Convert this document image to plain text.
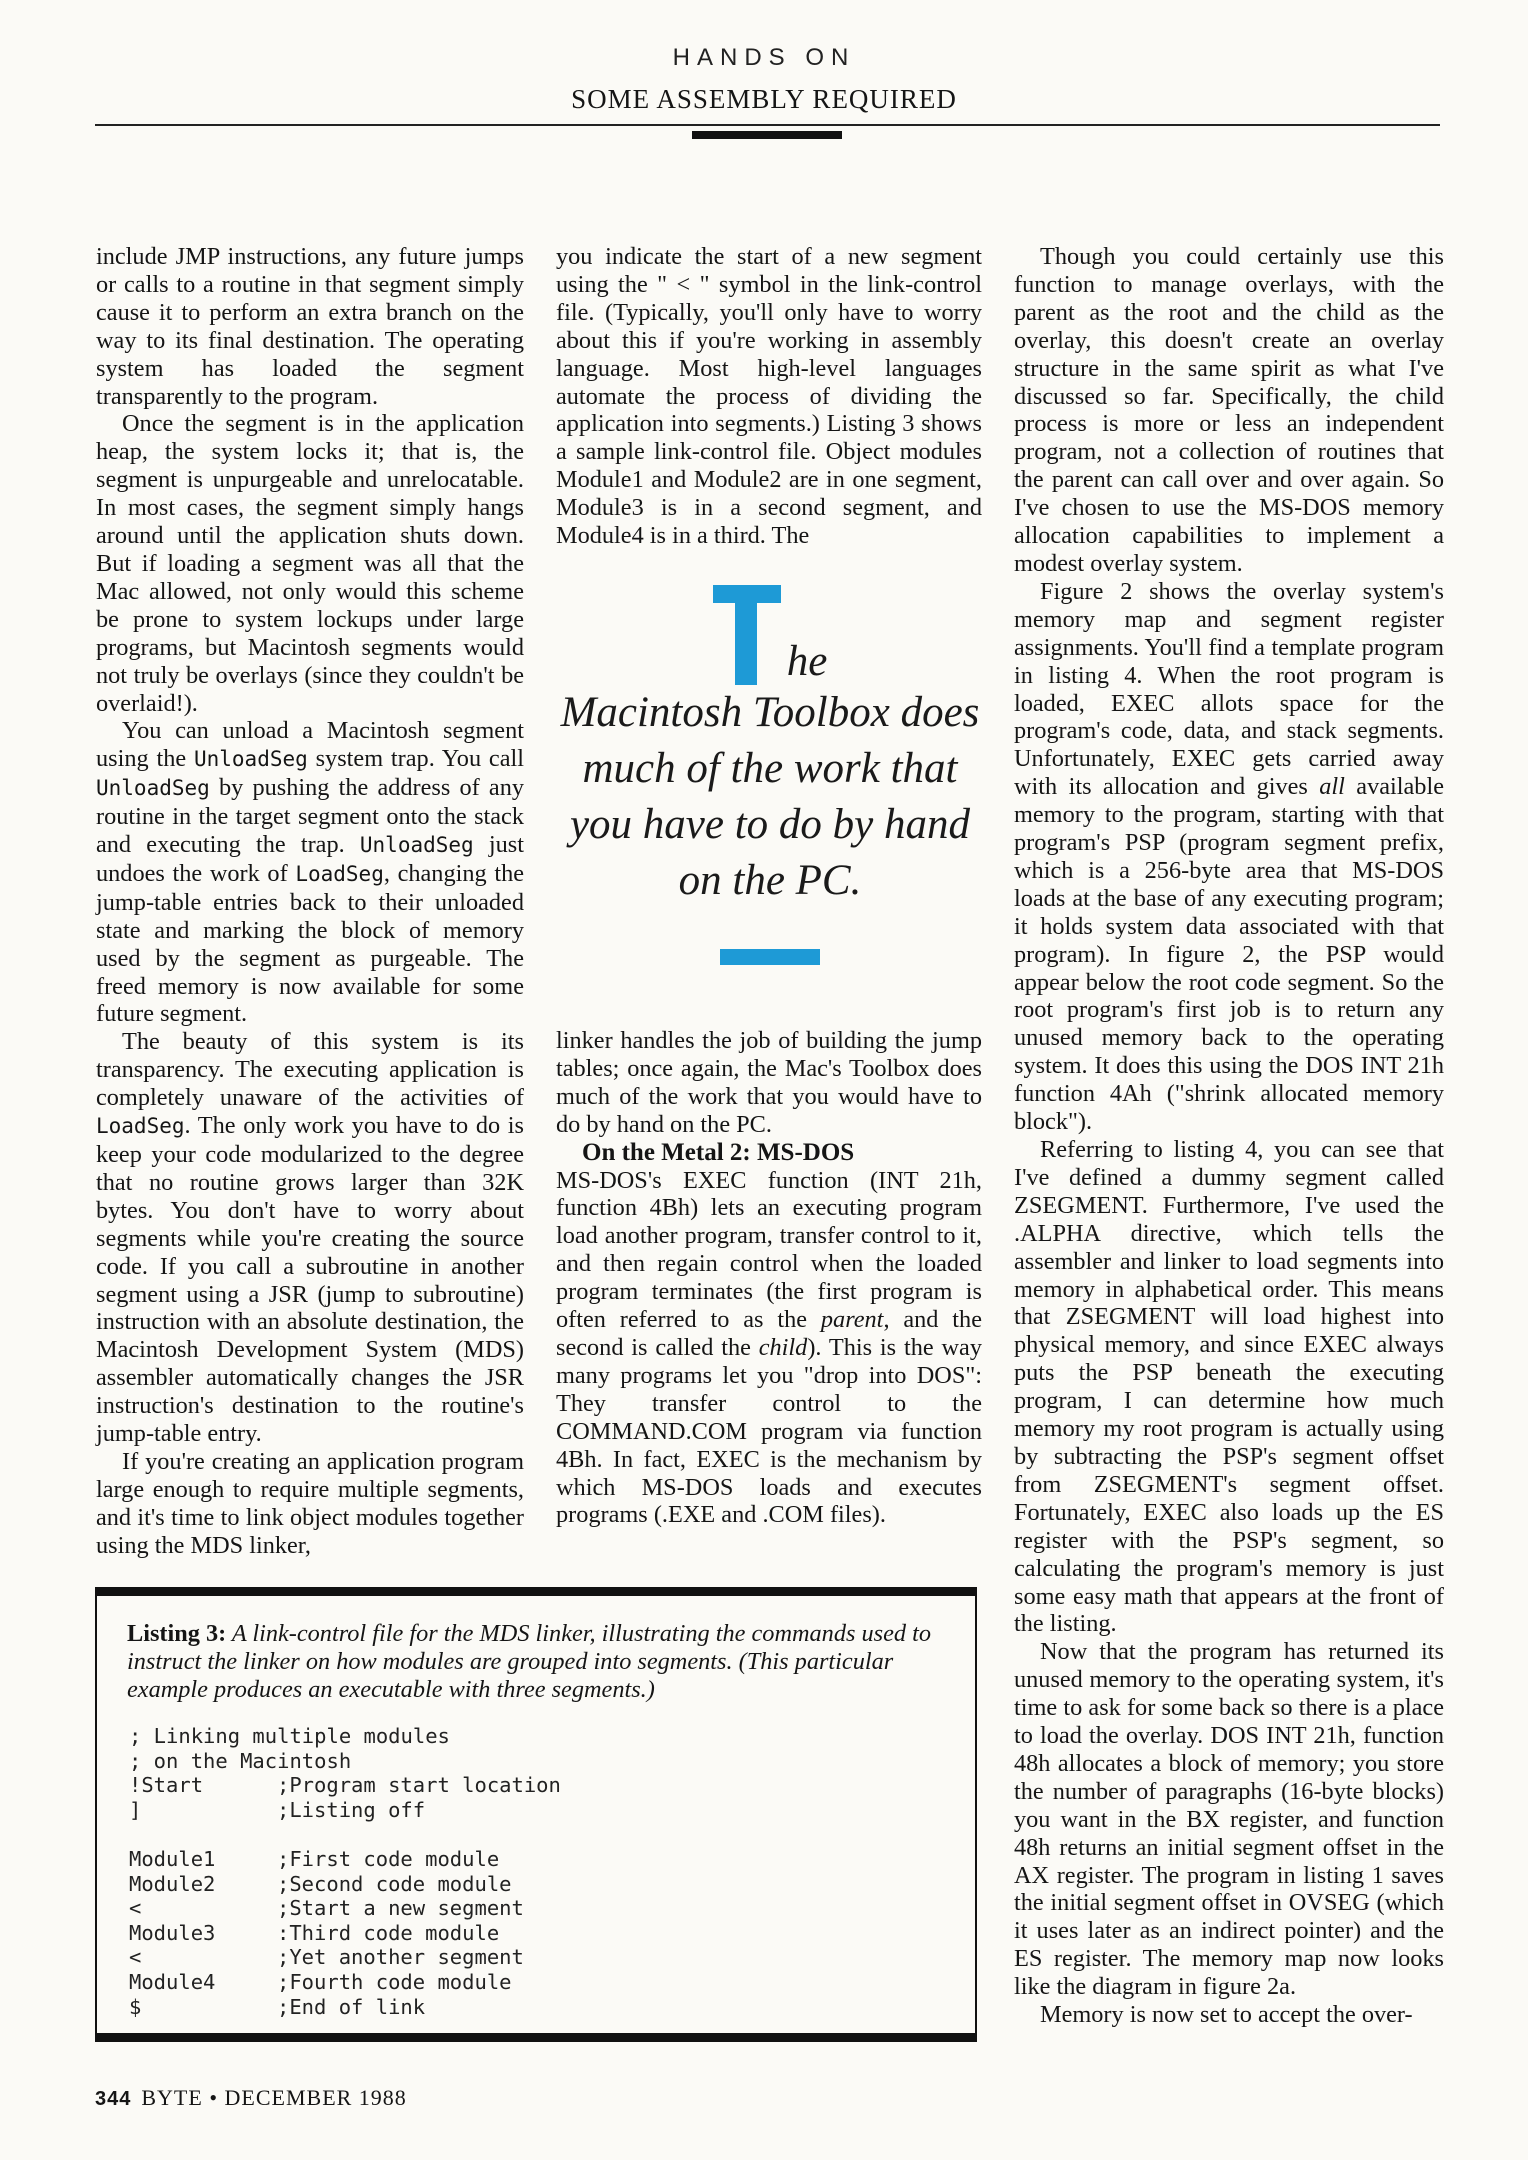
HANDS ON
SOME ASSEMBLY REQUIRED

include JMP instructions, any future jumps or calls to a routine in that segment simply cause it to perform an extra branch on the way to its final destination. The operating system has loaded the segment transparently to the program.

Once the segment is in the application heap, the system locks it; that is, the segment is unpurgeable and unrelocatable. In most cases, the segment simply hangs around until the application shuts down. But if loading a segment was all that the Mac allowed, not only would this scheme be prone to system lockups under large programs, but Macintosh segments would not truly be overlays (since they couldn't be overlaid!).

You can unload a Macintosh segment using the UnloadSeg system trap. You call UnloadSeg by pushing the address of any routine in the target segment onto the stack and executing the trap. UnloadSeg just undoes the work of LoadSeg, changing the jump-table entries back to their unloaded state and marking the block of memory used by the segment as purgeable. The freed memory is now available for some future segment.

The beauty of this system is its transparency. The executing application is completely unaware of the activities of LoadSeg. The only work you have to do is keep your code modularized to the degree that no routine grows larger than 32K bytes. You don't have to worry about segments while you're creating the source code. If you call a subroutine in another segment using a JSR (jump to subroutine) instruction with an absolute destination, the Macintosh Development System (MDS) assembler automatically changes the JSR instruction's destination to the routine's jump-table entry.

If you're creating an application program large enough to require multiple segments, and it's time to link object modules together using the MDS linker,

you indicate the start of a new segment using the " < " symbol in the link-control file. (Typically, you'll only have to worry about this if you're working in assembly language. Most high-level languages automate the process of dividing the application into segments.) Listing 3 shows a sample link-control file. Object modules Module1 and Module2 are in one segment, Module3 is in a second segment, and Module4 is in a third. The

he
Macintosh Toolbox does much of the work that you have to do by hand on the PC.

linker handles the job of building the jump tables; once again, the Mac's Toolbox does much of the work that you would have to do by hand on the PC.

On the Metal 2: MS-DOS

MS-DOS's EXEC function (INT 21h, function 4Bh) lets an executing program load another program, transfer control to it, and then regain control when the loaded program terminates (the first program is often referred to as the parent, and the second is called the child). This is the way many programs let you "drop into DOS": They transfer control to the COMMAND.COM program via function 4Bh. In fact, EXEC is the mechanism by which MS-DOS loads and executes programs (.EXE and .COM files).

Though you could certainly use this function to manage overlays, with the parent as the root and the child as the overlay, this doesn't create an overlay structure in the same spirit as what I've discussed so far. Specifically, the child process is more or less an independent program, not a collection of routines that the parent can call over and over again. So I've chosen to use the MS-DOS memory allocation capabilities to implement a modest overlay system.

Figure 2 shows the overlay system's memory map and segment register assignments. You'll find a template program in listing 4. When the root program is loaded, EXEC allots space for the program's code, data, and stack segments. Unfortunately, EXEC gets carried away with its allocation and gives all available memory to the program, starting with that program's PSP (program segment prefix, which is a 256-byte area that MS-DOS loads at the base of any executing program; it holds system data associated with that program). In figure 2, the PSP would appear below the root code segment. So the root program's first job is to return any unused memory back to the operating system. It does this using the DOS INT 21h function 4Ah ("shrink allocated memory block").

Referring to listing 4, you can see that I've defined a dummy segment called ZSEGMENT. Furthermore, I've used the .ALPHA directive, which tells the assembler and linker to load segments into memory in alphabetical order. This means that ZSEGMENT will load highest into physical memory, and since EXEC always puts the PSP beneath the executing program, I can determine how much memory my root program is actually using by subtracting the PSP's segment offset from ZSEGMENT's segment offset. Fortunately, EXEC also loads up the ES register with the PSP's segment, so calculating the program's memory is just some easy math that appears at the front of the listing.

Now that the program has returned its unused memory to the operating system, it's time to ask for some back so there is a place to load the overlay. DOS INT 21h, function 48h allocates a block of memory; you store the number of paragraphs (16-byte blocks) you want in the BX register, and function 48h returns an initial segment offset in the AX register. The program in listing 1 saves the initial segment offset in OVSEG (which it uses later as an indirect pointer) and the ES register. The memory map now looks like the diagram in figure 2a.

Memory is now set to accept the over-

Listing 3: A link-control file for the MDS linker, illustrating the commands used to instruct the linker on how modules are grouped into segments. (This particular example produces an executable with three segments.)
; Linking multiple modules
; on the Macintosh
!Start	;Program start location
]	;Listing off
Module1	;First code module
Module2	;Second code module
<	;Start a new segment
Module3	:Third code module
<	;Yet another segment
Module4	;Fourth code module
$	;End of link
344 BYTE • DECEMBER 1988
